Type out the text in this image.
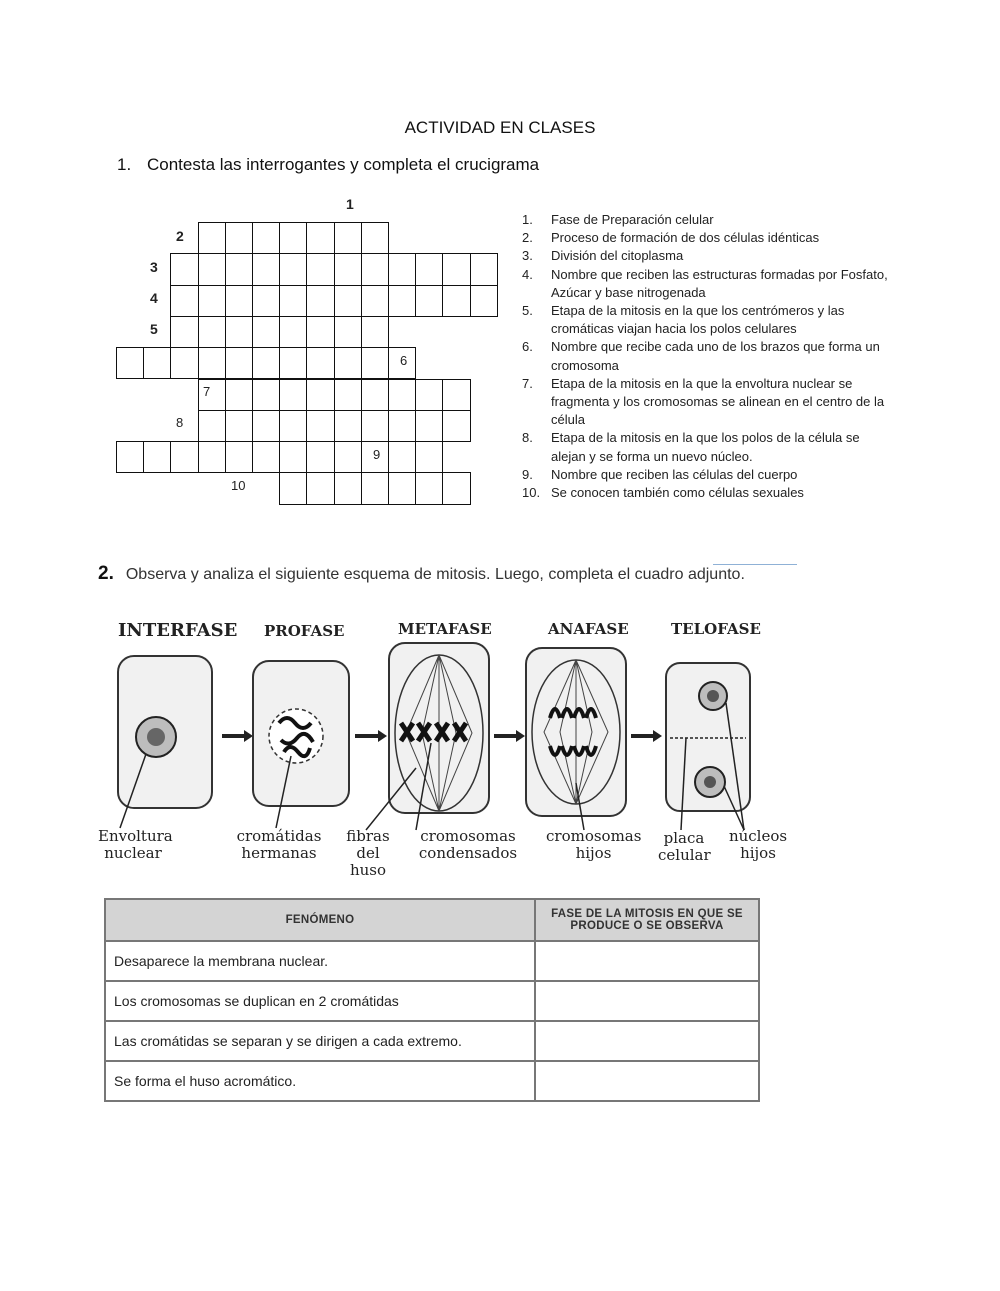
ACTIVIDAD EN CLASES
1. Contesta las interrogantes y completa el crucigrama
1
2
3
4
5
6
7
8
9
10
1.	Fase de Preparación celular
2.	Proceso de formación de dos células idénticas
3.	División del citoplasma
4.	Nombre que reciben las estructuras formadas por Fosfato, Azúcar y base nitrogenada
5.	Etapa de la mitosis en la que los centrómeros y las cromáticas viajan hacia los polos celulares
6.	Nombre que recibe cada uno de los brazos que forma un cromosoma
7.	Etapa de la mitosis en la que la envoltura nuclear se fragmenta y los cromosomas se alinean en el centro de la célula
8.	Etapa de la mitosis en la que los polos de la célula se alejan y se forma un nuevo núcleo.
9.	Nombre que reciben las células del cuerpo
10. Se conocen también como células sexuales
2. Observa y analiza el siguiente esquema de mitosis. Luego, completa el cuadro adjunto.
INTERFASE PROFASE	METAFASE	ANAFASE	TELOFASE
Envoltura
nuclear
cromátidas
hermanas
fibras del
huso
cromosomas
condensados
cromosomas
hijos
placa
celular
núcleos
hijos
FENÓMENO	FASE DE LA MITOSIS EN QUE SE PRODUCE O SE OBSERVA
Desaparece la membrana nuclear.	
Los cromosomas se duplican en 2 cromátidas	
Las cromátidas se separan y se dirigen a cada extremo.	
Se forma el huso acromático.	
